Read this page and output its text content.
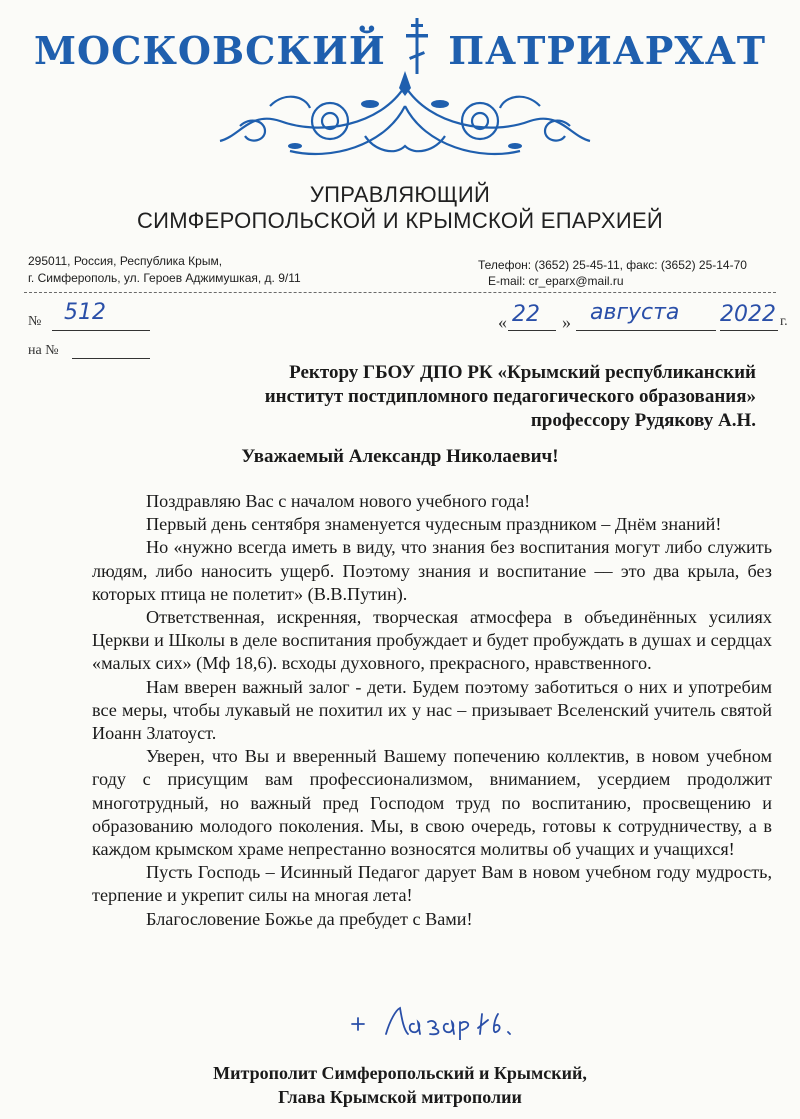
МОСКОВСКИЙ ПАТРИАРХАТ
УПРАВЛЯЮЩИЙ
СИМФЕРОПОЛЬСКОЙ И КРЫМСКОЙ ЕПАРХИЕЙ
295011, Россия, Республика Крым,
г. Симферополь, ул. Героев Аджимушкая, д. 9/11
Телефон: (3652) 25-45-11, факс: (3652) 25-14-70
E-mail: cr_eparx@mail.ru
№ 512
на №
« 22 » августа 2022 г.
Ректору ГБОУ ДПО РК «Крымский республиканский
институт постдипломного педагогического образования»
профессору Рудякову А.Н.
Уважаемый Александр Николаевич!

Поздравляю Вас с началом нового учебного года!

Первый день сентября знаменуется чудесным праздником – Днём знаний!

Но «нужно всегда иметь в виду, что знания без воспитания могут либо служить людям, либо наносить ущерб. Поэтому знания и воспитание –– это два крыла, без которых птица не полетит» (В.В.Путин).

Ответственная, искренняя, творческая атмосфера в объединённых усилиях Церкви и Школы в деле воспитания пробуждает и будет пробуждать в душах и сердцах «малых сих» (Мф 18,6). всходы духовного, прекрасного, нравственного.

Нам вверен важный залог - дети. Будем поэтому заботиться о них и употребим все меры, чтобы лукавый не похитил их у нас – призывает Вселенский учитель святой Иоанн Златоуст.

Уверен, что Вы и вверенный Вашему попечению коллектив, в новом учебном году с присущим вам профессионализмом, вниманием, усердием продолжит многотрудный, но важный пред Господом труд по воспитанию, просвещению и образованию молодого поколения. Мы, в свою очередь, готовы к сотрудничеству, а в каждом крымском храме непрестанно возносятся молитвы об учащих и учащихся!

Пусть Господь – Исинный Педагог дарует Вам в новом учебном году мудрость, терпение и укрепит силы на многая лета!

Благословение Божье да пребудет с Вами!

Митрополит Симферопольский и Крымский,
Глава Крымской митрополии
